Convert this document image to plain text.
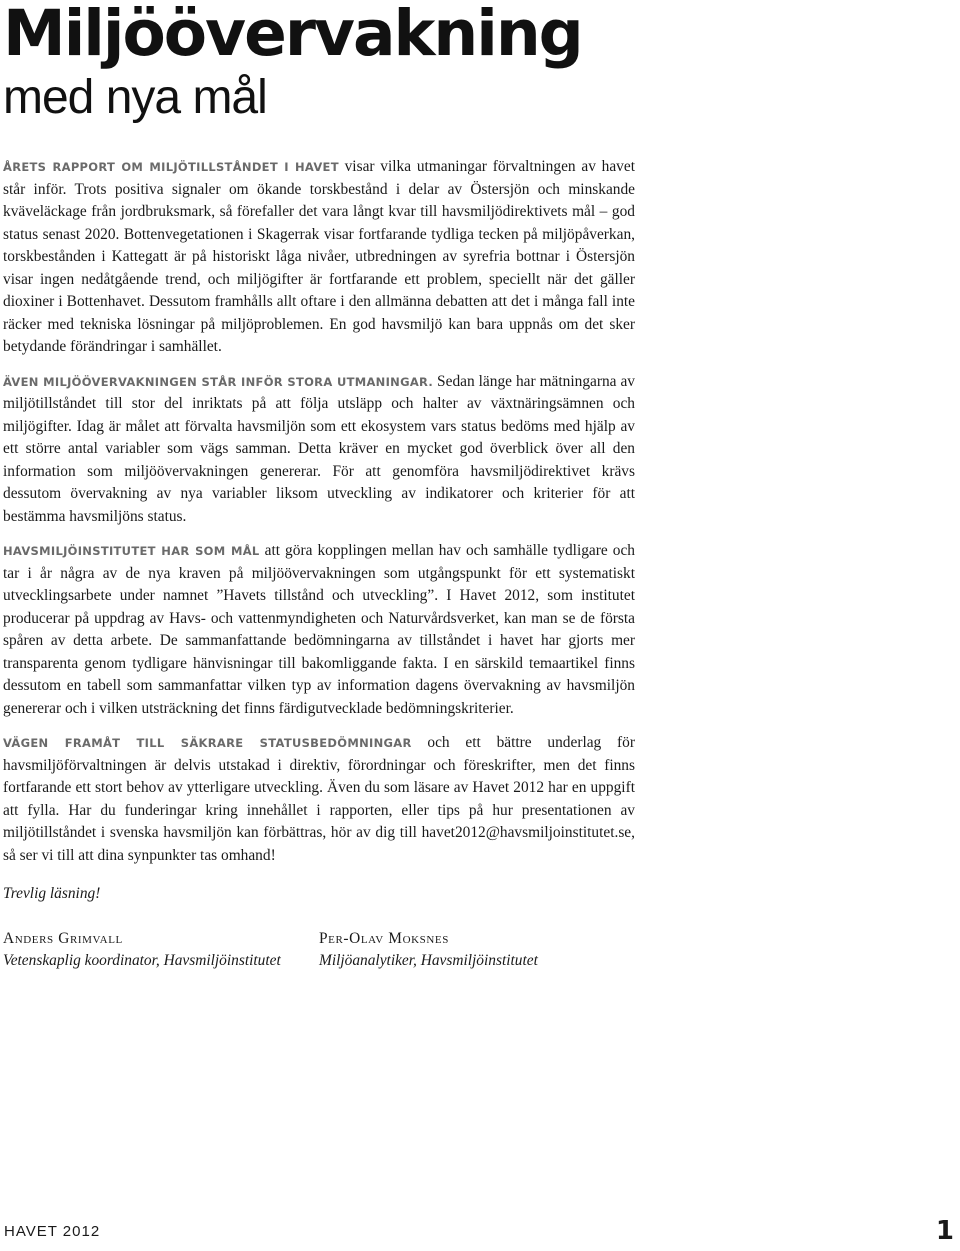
Miljöövervakning
med nya mål

ÅRETS RAPPORT OM MILJÖTILLSTÅNDET I HAVET visar vilka utmaningar förvaltningen av havet står inför. Trots positiva signaler om ökande torskbestånd i delar av Östersjön och minskande kväveläckage från jordbruksmark, så förefaller det vara långt kvar till havsmiljödirektivets mål – god status senast 2020. Bottenvegetationen i Skagerrak visar fortfarande tydliga tecken på miljöpåverkan, torskbestånden i Kattegatt är på historiskt låga nivåer, utbredningen av syrefria bottnar i Östersjön visar ingen nedåtgående trend, och miljögifter är fortfarande ett problem, speciellt när det gäller dioxiner i Bottenhavet. Dessutom framhålls allt oftare i den allmänna debatten att det i många fall inte räcker med tekniska lösningar på miljöproblemen. En god havsmiljö kan bara uppnås om det sker betydande förändringar i samhället.

ÄVEN MILJÖÖVERVAKNINGEN STÅR INFÖR STORA UTMANINGAR. Sedan länge har mätningarna av miljötillståndet till stor del inriktats på att följa utsläpp och halter av växtnäringsämnen och miljögifter. Idag är målet att förvalta havsmiljön som ett ekosystem vars status bedöms med hjälp av ett större antal variabler som vägs samman. Detta kräver en mycket god överblick över all den information som miljöövervakningen genererar. För att genomföra havsmiljödirektivet krävs dessutom övervakning av nya variabler liksom utveckling av indikatorer och kriterier för att bestämma havsmiljöns status.

HAVSMILJÖINSTITUTET HAR SOM MÅL att göra kopplingen mellan hav och samhälle tydligare och tar i år några av de nya kraven på miljöövervakningen som utgångspunkt för ett systematiskt utvecklingsarbete under namnet ”Havets tillstånd och utveckling”. I Havet 2012, som institutet producerar på uppdrag av Havs- och vattenmyndigheten och Naturvårdsverket, kan man se de första spåren av detta arbete. De sammanfattande bedömningarna av tillståndet i havet har gjorts mer transparenta genom tydligare hänvisningar till bakomliggande fakta. I en särskild temaartikel finns dessutom en tabell som sammanfattar vilken typ av information dagens övervakning av havsmiljön genererar och i vilken utsträckning det finns färdigutvecklade bedömningskriterier.

VÄGEN FRAMÅT TILL SÄKRARE STATUSBEDÖMNINGAR och ett bättre underlag för havsmiljöförvaltningen är delvis utstakad i direktiv, förordningar och föreskrifter, men det finns fortfarande ett stort behov av ytterligare utveckling. Även du som läsare av Havet 2012 har en uppgift att fylla. Har du funderingar kring innehållet i rapporten, eller tips på hur presentationen av miljötillståndet i svenska havsmiljön kan förbättras, hör av dig till havet2012@havsmiljoinstitutet.se, så ser vi till att dina synpunkter tas omhand!

Trevlig läsning!
Anders Grimvall
Vetenskaplig koordinator, Havsmiljöinstitutet
Per-Olav Moksnes
Miljöanalytiker, Havsmiljöinstitutet
HAVET 2012	1
